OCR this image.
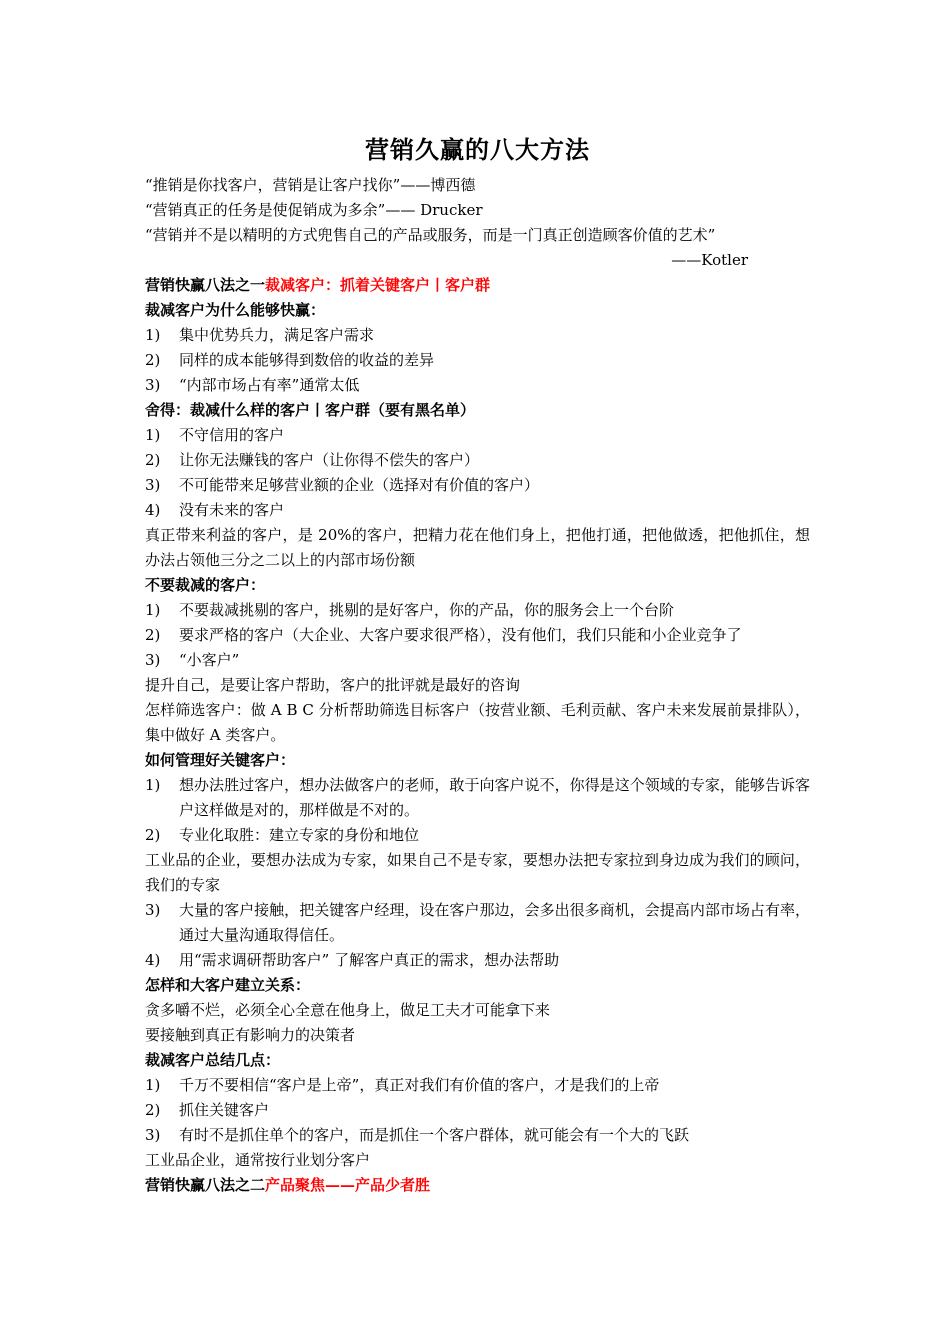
营销久赢的八大方法
“推销是你找客户，营销是让客户找你”——博西德
“营销真正的任务是使促销成为多余”—— Drucker
“营销并不是以精明的方式兜售自己的产品或服务，而是一门真正创造顾客价值的艺术”
——Kotler
营销快赢八法之一裁减客户：抓着关键客户丨客户群
裁减客户为什么能够快赢：
1)	集中优势兵力，满足客户需求
2)	同样的成本能够得到数倍的收益的差异
3)	“内部市场占有率”通常太低
舍得：裁减什么样的客户丨客户群（要有黑名单）
1)	不守信用的客户
2)	让你无法赚钱的客户（让你得不偿失的客户）
3)	不可能带来足够营业额的企业（选择对有价值的客户）
4)	没有未来的客户
真正带来利益的客户，是 20%的客户，把精力花在他们身上，把他打通，把他做透，把他抓住，想办法占领他三分之二以上的内部市场份额
不要裁减的客户：
1)	不要裁减挑剔的客户，挑剔的是好客户，你的产品，你的服务会上一个台阶
2)	要求严格的客户（大企业、大客户要求很严格），没有他们，我们只能和小企业竞争了
3)	“小客户”
提升自己，是要让客户帮助，客户的批评就是最好的咨询
怎样筛选客户：做 A B C 分析帮助筛选目标客户（按营业额、毛利贡献、客户未来发展前景排队），集中做好 A 类客户。
如何管理好关键客户：
1)	想办法胜过客户，想办法做客户的老师，敢于向客户说不，你得是这个领域的专家，能够告诉客户这样做是对的，那样做是不对的。
2)	专业化取胜：建立专家的身份和地位
工业品的企业，要想办法成为专家，如果自己不是专家，要想办法把专家拉到身边成为我们的顾问，我们的专家
3)	大量的客户接触，把关键客户经理，设在客户那边，会多出很多商机，会提高内部市场占有率，通过大量沟通取得信任。
4)	用“需求调研帮助客户” 了解客户真正的需求，想办法帮助
怎样和大客户建立关系：
贪多嚼不烂，必须全心全意在他身上，做足工夫才可能拿下来
要接触到真正有影响力的决策者
裁减客户总结几点：
1)	千万不要相信“客户是上帝”，真正对我们有价值的客户，才是我们的上帝
2)	抓住关键客户
3)	有时不是抓住单个的客户，而是抓住一个客户群体，就可能会有一个大的飞跃
工业品企业，通常按行业划分客户
营销快赢八法之二产品聚焦——产品少者胜
